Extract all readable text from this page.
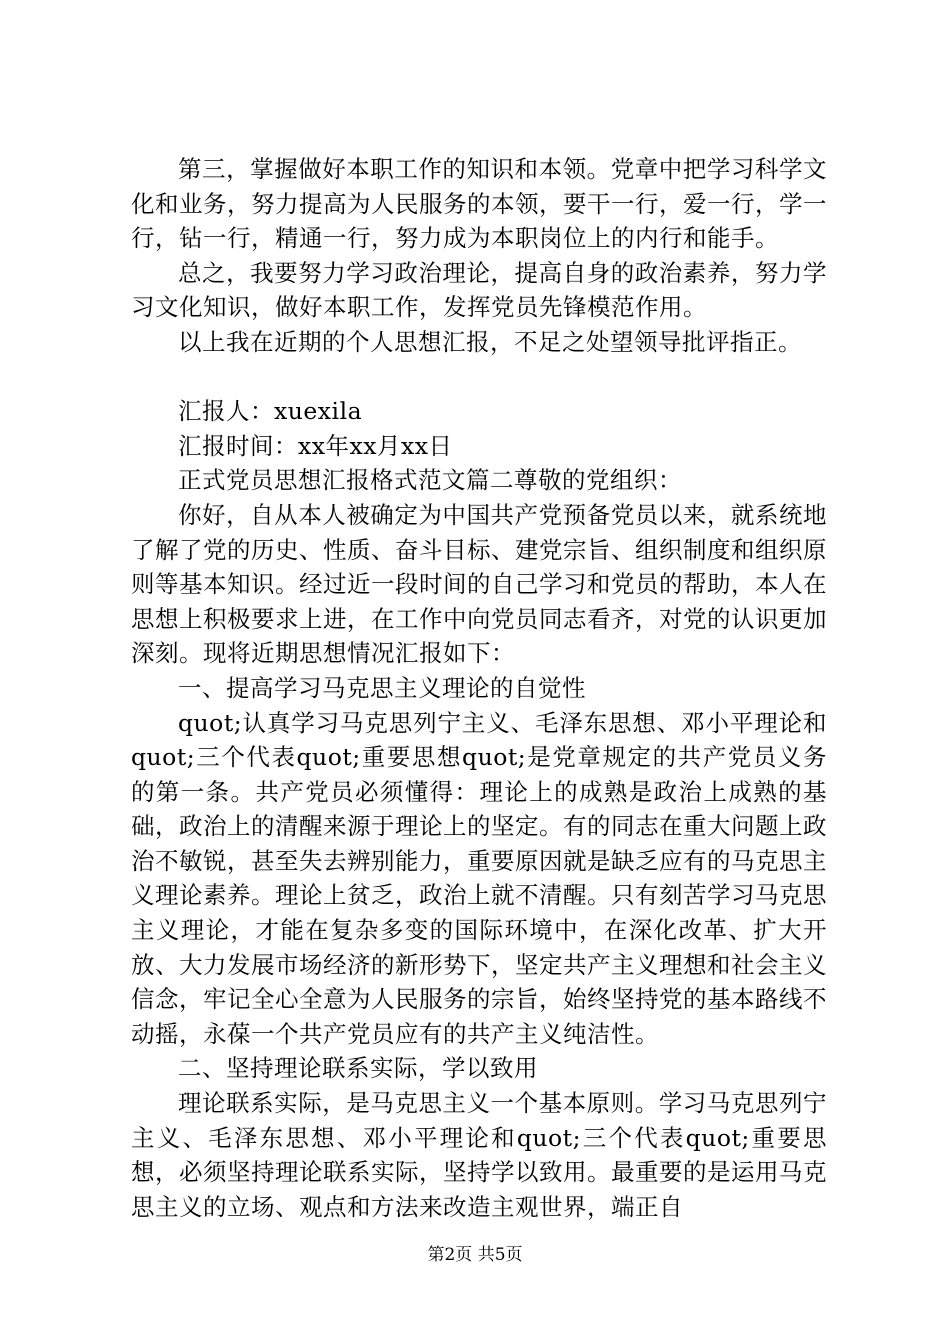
第三，掌握做好本职工作的知识和本领。党章中把学习科学文化和业务，努力提高为人民服务的本领，要干一行，爱一行，学一行，钻一行，精通一行，努力成为本职岗位上的内行和能手。

总之，我要努力学习政治理论，提高自身的政治素养，努力学习文化知识，做好本职工作，发挥党员先锋模范作用。

以上我在近期的个人思想汇报，不足之处望领导批评指正。

汇报人：xuexila

汇报时间：xx年xx月xx日

正式党员思想汇报格式范文篇二尊敬的党组织：

你好，自从本人被确定为中国共产党预备党员以来，就系统地了解了党的历史、性质、奋斗目标、建党宗旨、组织制度和组织原则等基本知识。经过近一段时间的自己学习和党员的帮助，本人在思想上积极要求上进，在工作中向党员同志看齐，对党的认识更加深刻。现将近期思想情况汇报如下：

一、提高学习马克思主义理论的自觉性

quot;认真学习马克思列宁主义、毛泽东思想、邓小平理论和quot;三个代表quot;重要思想quot;是党章规定的共产党员义务的第一条。共产党员必须懂得：理论上的成熟是政治上成熟的基础，政治上的清醒来源于理论上的坚定。有的同志在重大问题上政治不敏锐，甚至失去辨别能力，重要原因就是缺乏应有的马克思主义理论素养。理论上贫乏，政治上就不清醒。只有刻苦学习马克思主义理论，才能在复杂多变的国际环境中，在深化改革、扩大开放、大力发展市场经济的新形势下，坚定共产主义理想和社会主义信念，牢记全心全意为人民服务的宗旨，始终坚持党的基本路线不动摇，永葆一个共产党员应有的共产主义纯洁性。

二、坚持理论联系实际，学以致用

理论联系实际，是马克思主义一个基本原则。学习马克思列宁主义、毛泽东思想、邓小平理论和quot;三个代表quot;重要思想，必须坚持理论联系实际，坚持学以致用。最重要的是运用马克思主义的立场、观点和方法来改造主观世界，端正自

第2页 共5页
